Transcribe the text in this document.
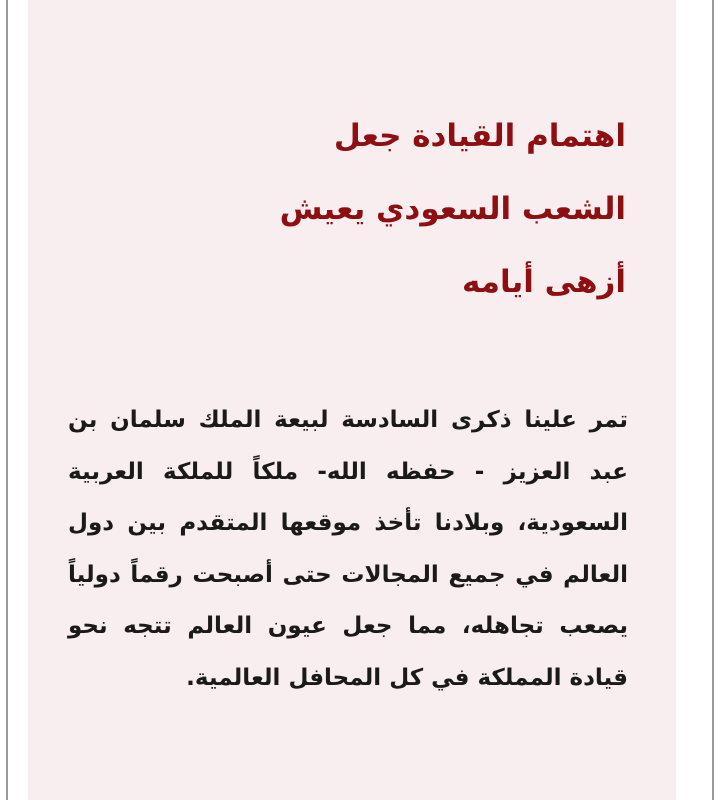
اهتمام القيادة جعل
الشعب السعودي يعيش
أزهى أيامه
تمر علينا ذكرى السادسة لبيعة الملك سلمان بن عبد العزيز - حفظه الله- ملكاً للملكة العربية السعودية، وبلادنا تأخذ موقعها المتقدم بين دول العالم في جميع المجالات حتى أصبحت رقماً دولياً يصعب تجاهله، مما جعل عيون العالم تتجه نحو قيادة المملكة في كل المحافل العالمية.
